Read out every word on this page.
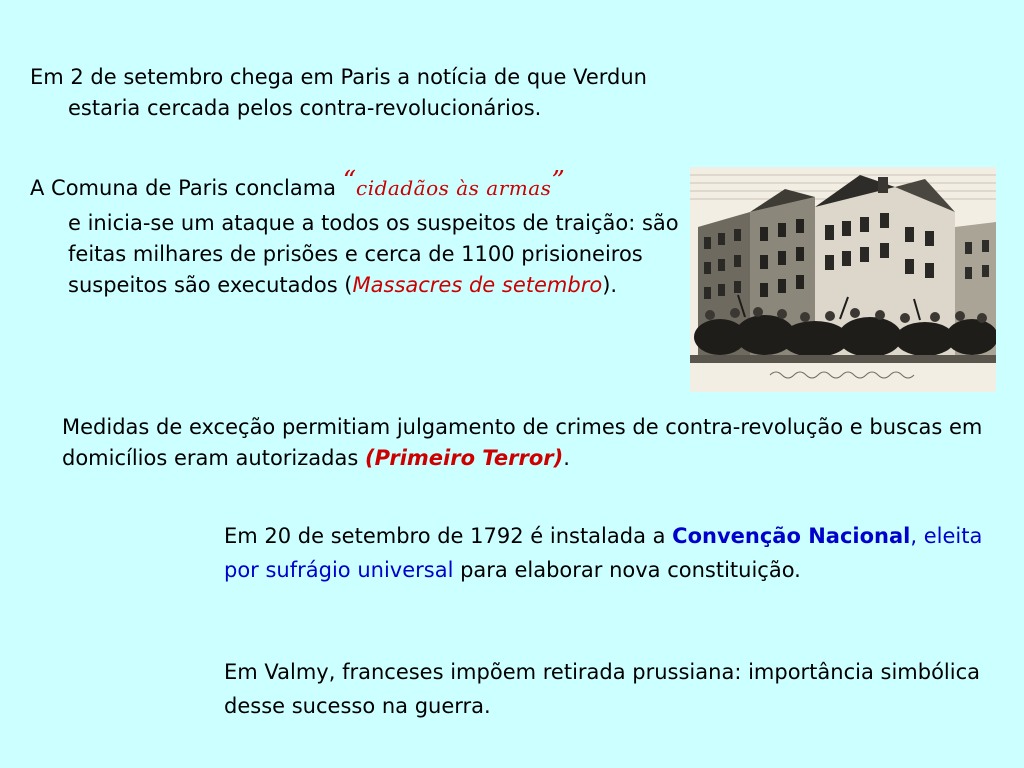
Em 2 de setembro chega em Paris a notícia de que Verdun estaria cercada pelos contra-revolucionários.

A Comuna de Paris conclama “cidadãos às armas”
e inicia-se um ataque a todos os suspeitos de traição: são feitas milhares de prisões e cerca de 1100 prisioneiros suspeitos são executados (Massacres de setembro).

Medidas de exceção permitiam julgamento de crimes de contra-revolução e buscas em domicílios eram autorizadas (Primeiro Terror).

Em 20 de setembro de 1792 é instalada a Convenção Nacional, eleita por sufrágio universal para elaborar nova constituição.

Em Valmy, franceses impõem retirada prussiana: importância simbólica desse sucesso na guerra.
